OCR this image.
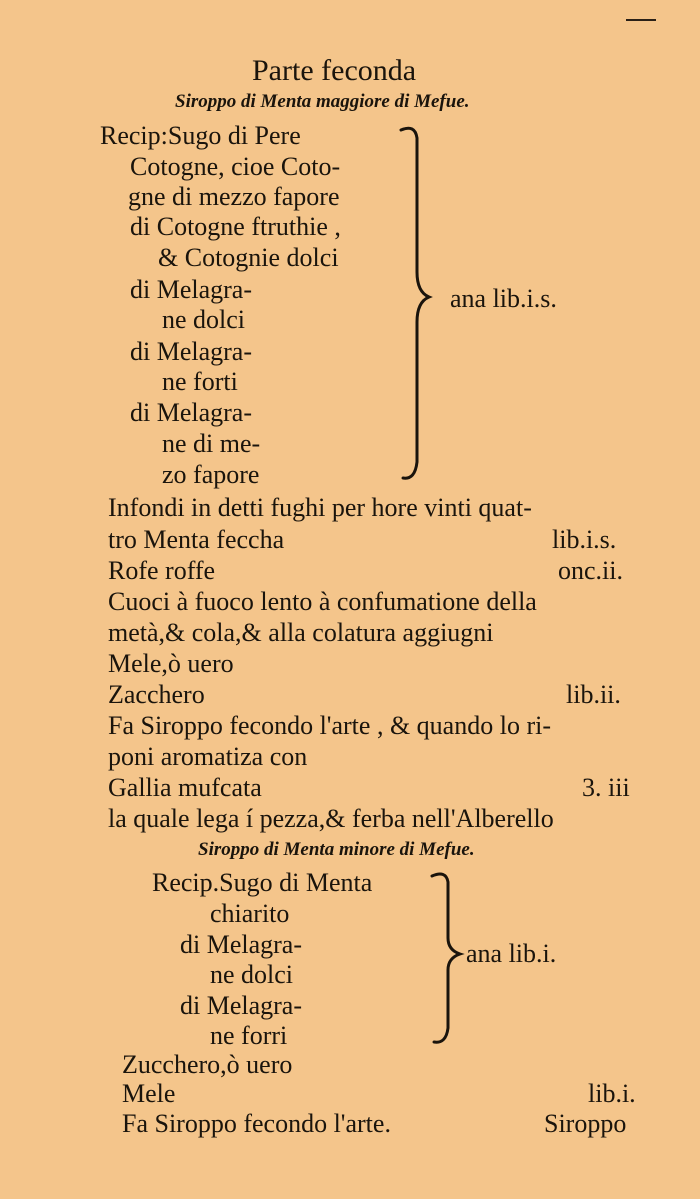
Parte feconda
Siroppo di Menta maggiore di Mefue.
Recip:Sugo di Pere
Cotogne, cioe Coto-
gne di mezzo fapore
di Cotogne ftruthie ,
& Cotognie dolci
di Melagra-
ne dolci
di Melagra-
ne forti
di Melagra-
ne di me-
zo fapore
ana lib.i.s.
Infondi in detti fughi per hore vinti quat-
tro Menta fecchа	lib.i.s.
Rofe roffe	onc.ii.
Cuoci à fuoco lento à confumatione della
metà,& cola,& alla colatura aggiugni
Mele,ò uero
Zacchero	lib.ii.
Fa Siroppo fecondo l'arte , & quando lo ri-
poni aromatiza con
Gallia mufcata	3. iii
la quale lega í pezza,& ferba nell'Alberello
Siroppo di Menta minore di Mefue.
Recip.Sugo di Menta
chiarito
di Melagra-
ne dolci
di Melagra-
ne forri
ana lib.i.
Zucchero,ò uero
Mele	lib.i.
Fa Siroppo fecondo l'arte.	Siroppo
